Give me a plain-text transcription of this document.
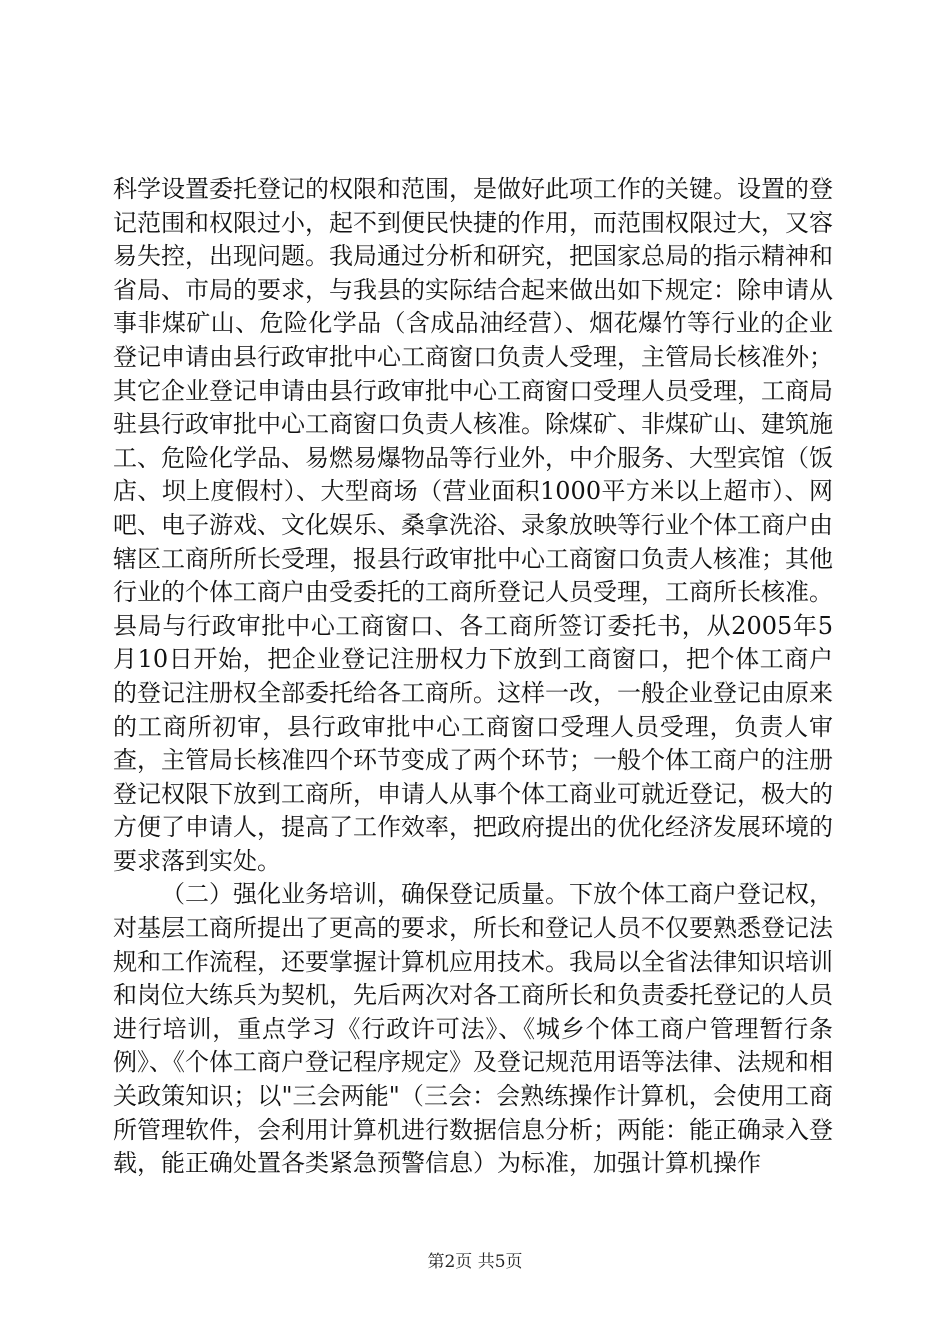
科学设置委托登记的权限和范围，是做好此项工作的关键。设置的登记范围和权限过小，起不到便民快捷的作用，而范围权限过大，又容易失控，出现问题。我局通过分析和研究，把国家总局的指示精神和省局、市局的要求，与我县的实际结合起来做出如下规定：除申请从事非煤矿山、危险化学品（含成品油经营）、烟花爆竹等行业的企业登记申请由县行政审批中心工商窗口负责人受理，主管局长核准外；其它企业登记申请由县行政审批中心工商窗口受理人员受理，工商局驻县行政审批中心工商窗口负责人核准。除煤矿、非煤矿山、建筑施工、危险化学品、易燃易爆物品等行业外，中介服务、大型宾馆（饭店、坝上度假村）、大型商场（营业面积1000平方米以上超市）、网吧、电子游戏、文化娱乐、桑拿洗浴、录象放映等行业个体工商户由辖区工商所所长受理，报县行政审批中心工商窗口负责人核准；其他行业的个体工商户由受委托的工商所登记人员受理，工商所长核准。县局与行政审批中心工商窗口、各工商所签订委托书，从2005年5月10日开始，把企业登记注册权力下放到工商窗口，把个体工商户的登记注册权全部委托给各工商所。这样一改，一般企业登记由原来的工商所初审，县行政审批中心工商窗口受理人员受理，负责人审查，主管局长核准四个环节变成了两个环节；一般个体工商户的注册登记权限下放到工商所，申请人从事个体工商业可就近登记，极大的方便了申请人，提高了工作效率，把政府提出的优化经济发展环境的要求落到实处。

（二）强化业务培训，确保登记质量。下放个体工商户登记权，对基层工商所提出了更高的要求，所长和登记人员不仅要熟悉登记法规和工作流程，还要掌握计算机应用技术。我局以全省法律知识培训和岗位大练兵为契机，先后两次对各工商所长和负责委托登记的人员进行培训，重点学习《行政许可法》、《城乡个体工商户管理暂行条例》、《个体工商户登记程序规定》及登记规范用语等法律、法规和相关政策知识；以"三会两能"（三会：会熟练操作计算机，会使用工商所管理软件，会利用计算机进行数据信息分析；两能：能正确录入登载，能正确处置各类紧急预警信息）为标准，加强计算机操作

第2页 共5页
